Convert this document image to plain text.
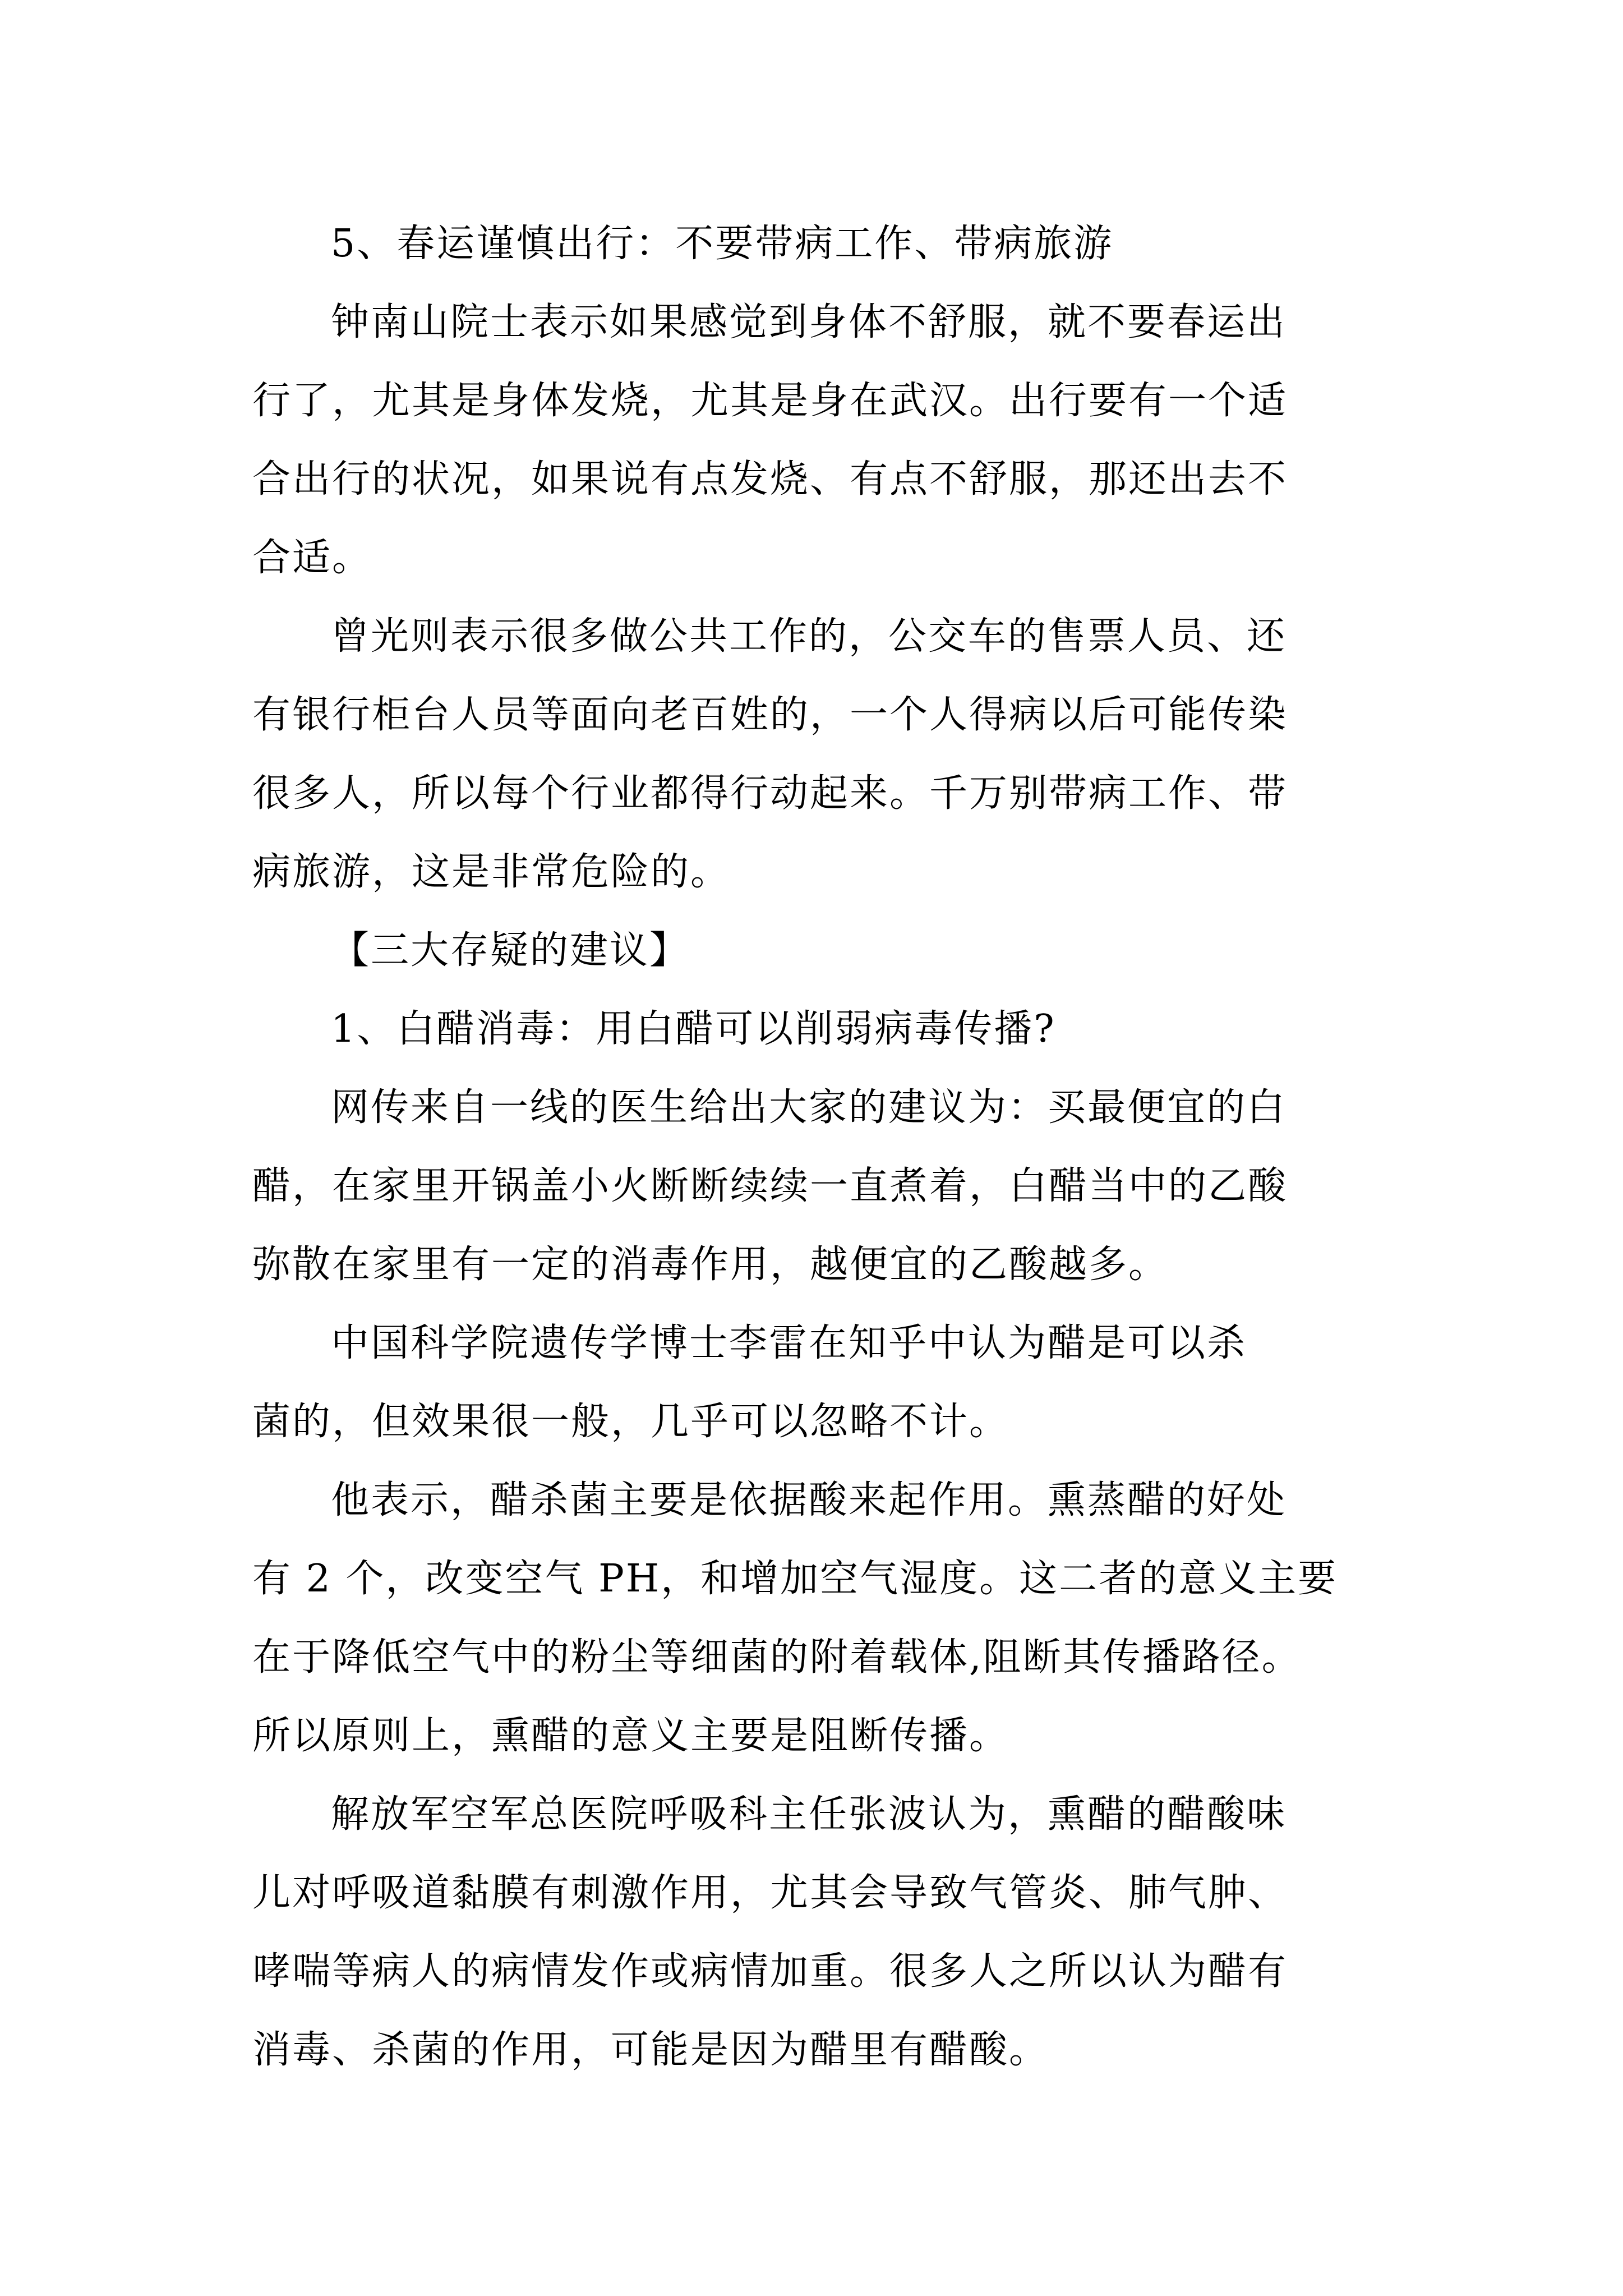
5、春运谨慎出行：不要带病工作、带病旅游
钟南山院士表示如果感觉到身体不舒服，就不要春运出
行了，尤其是身体发烧，尤其是身在武汉。出行要有一个适
合出行的状况，如果说有点发烧、有点不舒服，那还出去不
合适。
曾光则表示很多做公共工作的，公交车的售票人员、还
有银行柜台人员等面向老百姓的，一个人得病以后可能传染
很多人，所以每个行业都得行动起来。千万别带病工作、带
病旅游，这是非常危险的。
【三大存疑的建议】
1、白醋消毒：用白醋可以削弱病毒传播?
网传来自一线的医生给出大家的建议为：买最便宜的白
醋，在家里开锅盖小火断断续续一直煮着，白醋当中的乙酸
弥散在家里有一定的消毒作用，越便宜的乙酸越多。
中国科学院遗传学博士李雷在知乎中认为醋是可以杀
菌的，但效果很一般，几乎可以忽略不计。
他表示，醋杀菌主要是依据酸来起作用。熏蒸醋的好处
有 2 个，改变空气 PH，和增加空气湿度。这二者的意义主要
在于降低空气中的粉尘等细菌的附着载体,阻断其传播路径。
所以原则上，熏醋的意义主要是阻断传播。
解放军空军总医院呼吸科主任张波认为，熏醋的醋酸味
儿对呼吸道黏膜有刺激作用，尤其会导致气管炎、肺气肿、
哮喘等病人的病情发作或病情加重。很多人之所以认为醋有
消毒、杀菌的作用，可能是因为醋里有醋酸。
